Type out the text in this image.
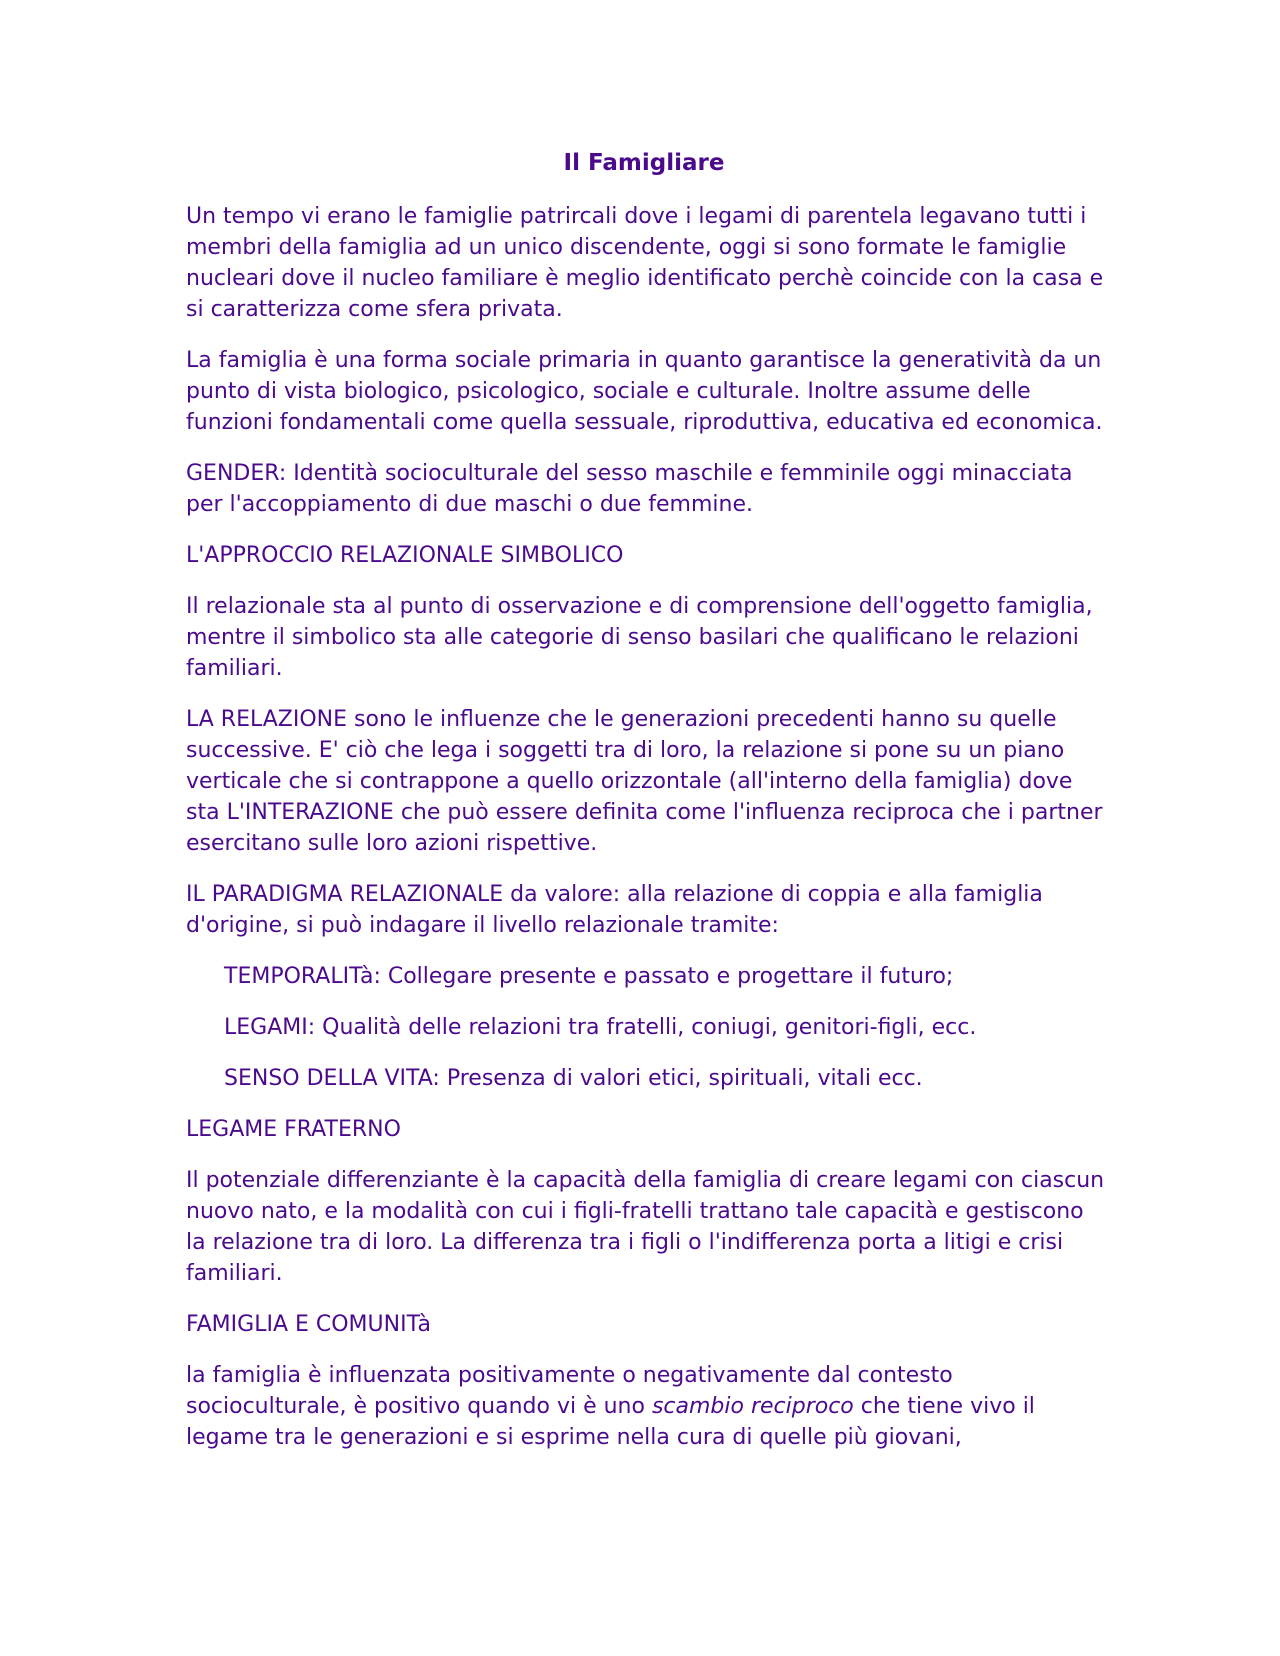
Il Famigliare

Un tempo vi erano le famiglie patrircali dove i legami di parentela legavano tutti i membri della famiglia ad un unico discendente, oggi si sono formate le famiglie nucleari dove il nucleo familiare è meglio identificato perchè coincide con la casa e si caratterizza come sfera privata.

La famiglia è una forma sociale primaria in quanto garantisce la generatività da un punto di vista biologico, psicologico, sociale e culturale. Inoltre assume delle funzioni fondamentali come quella sessuale, riproduttiva, educativa ed economica.

GENDER: Identità socioculturale del sesso maschile e femminile oggi minacciata per l'accoppiamento di due maschi o due femmine.

L'APPROCCIO RELAZIONALE SIMBOLICO

Il relazionale sta al punto di osservazione e di comprensione dell'oggetto famiglia, mentre il simbolico sta alle categorie di senso basilari che qualificano le relazioni familiari.

LA RELAZIONE sono le influenze che le generazioni precedenti hanno su quelle successive. E' ciò che lega i soggetti tra di loro, la relazione si pone su un piano verticale che si contrappone a quello orizzontale (all'interno della famiglia) dove sta L'INTERAZIONE che può essere definita come l'influenza reciproca che i partner esercitano sulle loro azioni rispettive.

IL PARADIGMA RELAZIONALE da valore: alla relazione di coppia e alla famiglia d'origine, si può indagare il livello relazionale tramite:

TEMPORALITà: Collegare presente e passato e progettare il futuro;

LEGAMI: Qualità delle relazioni tra fratelli, coniugi, genitori-figli, ecc.

SENSO DELLA VITA: Presenza di valori etici, spirituali, vitali ecc.

LEGAME FRATERNO

Il potenziale differenziante è la capacità della famiglia di creare legami con ciascun nuovo nato, e la modalità con cui i figli-fratelli trattano tale capacità e gestiscono la relazione tra di loro. La differenza tra i figli o l'indifferenza porta a litigi e crisi familiari.

FAMIGLIA E COMUNITà

la famiglia è influenzata positivamente o negativamente dal contesto socioculturale, è positivo quando vi è uno scambio reciproco che tiene vivo il legame tra le generazioni e si esprime nella cura di quelle più giovani,
